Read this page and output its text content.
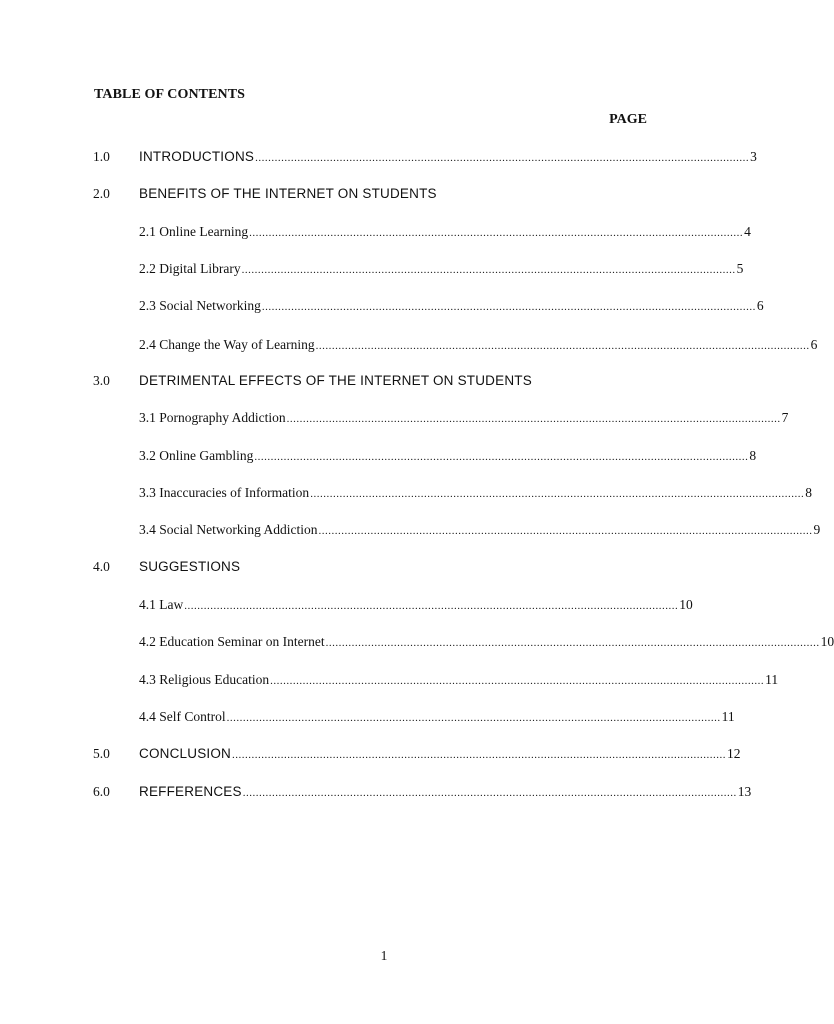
TABLE OF CONTENTS
PAGE
1.0 INTRODUCTIONS ........................................................................................................................................................ 3
2.0 BENEFITS OF THE INTERNET ON STUDENTS
2.1 Online Learning ........................................................................................................................................................ 4
2.2 Digital Library ........................................................................................................................................................ 5
2.3 Social Networking ........................................................................................................................................................ 6
2.4 Change the Way of Learning ........................................................................................................................................................ 6
3.0 DETRIMENTAL EFFECTS OF THE INTERNET ON STUDENTS
3.1 Pornography Addiction ........................................................................................................................................................ 7
3.2 Online Gambling ........................................................................................................................................................ 8
3.3 Inaccuracies of Information ........................................................................................................................................................ 8
3.4 Social Networking Addiction ........................................................................................................................................................ 9
4.0 SUGGESTIONS
4.1 Law ........................................................................................................................................................ 10
4.2 Education Seminar on Internet ........................................................................................................................................................ 10
4.3 Religious Education ........................................................................................................................................................ 11
4.4 Self Control ........................................................................................................................................................ 11
5.0 CONCLUSION ........................................................................................................................................................ 12
6.0 REFFERENCES ........................................................................................................................................................ 13
1
